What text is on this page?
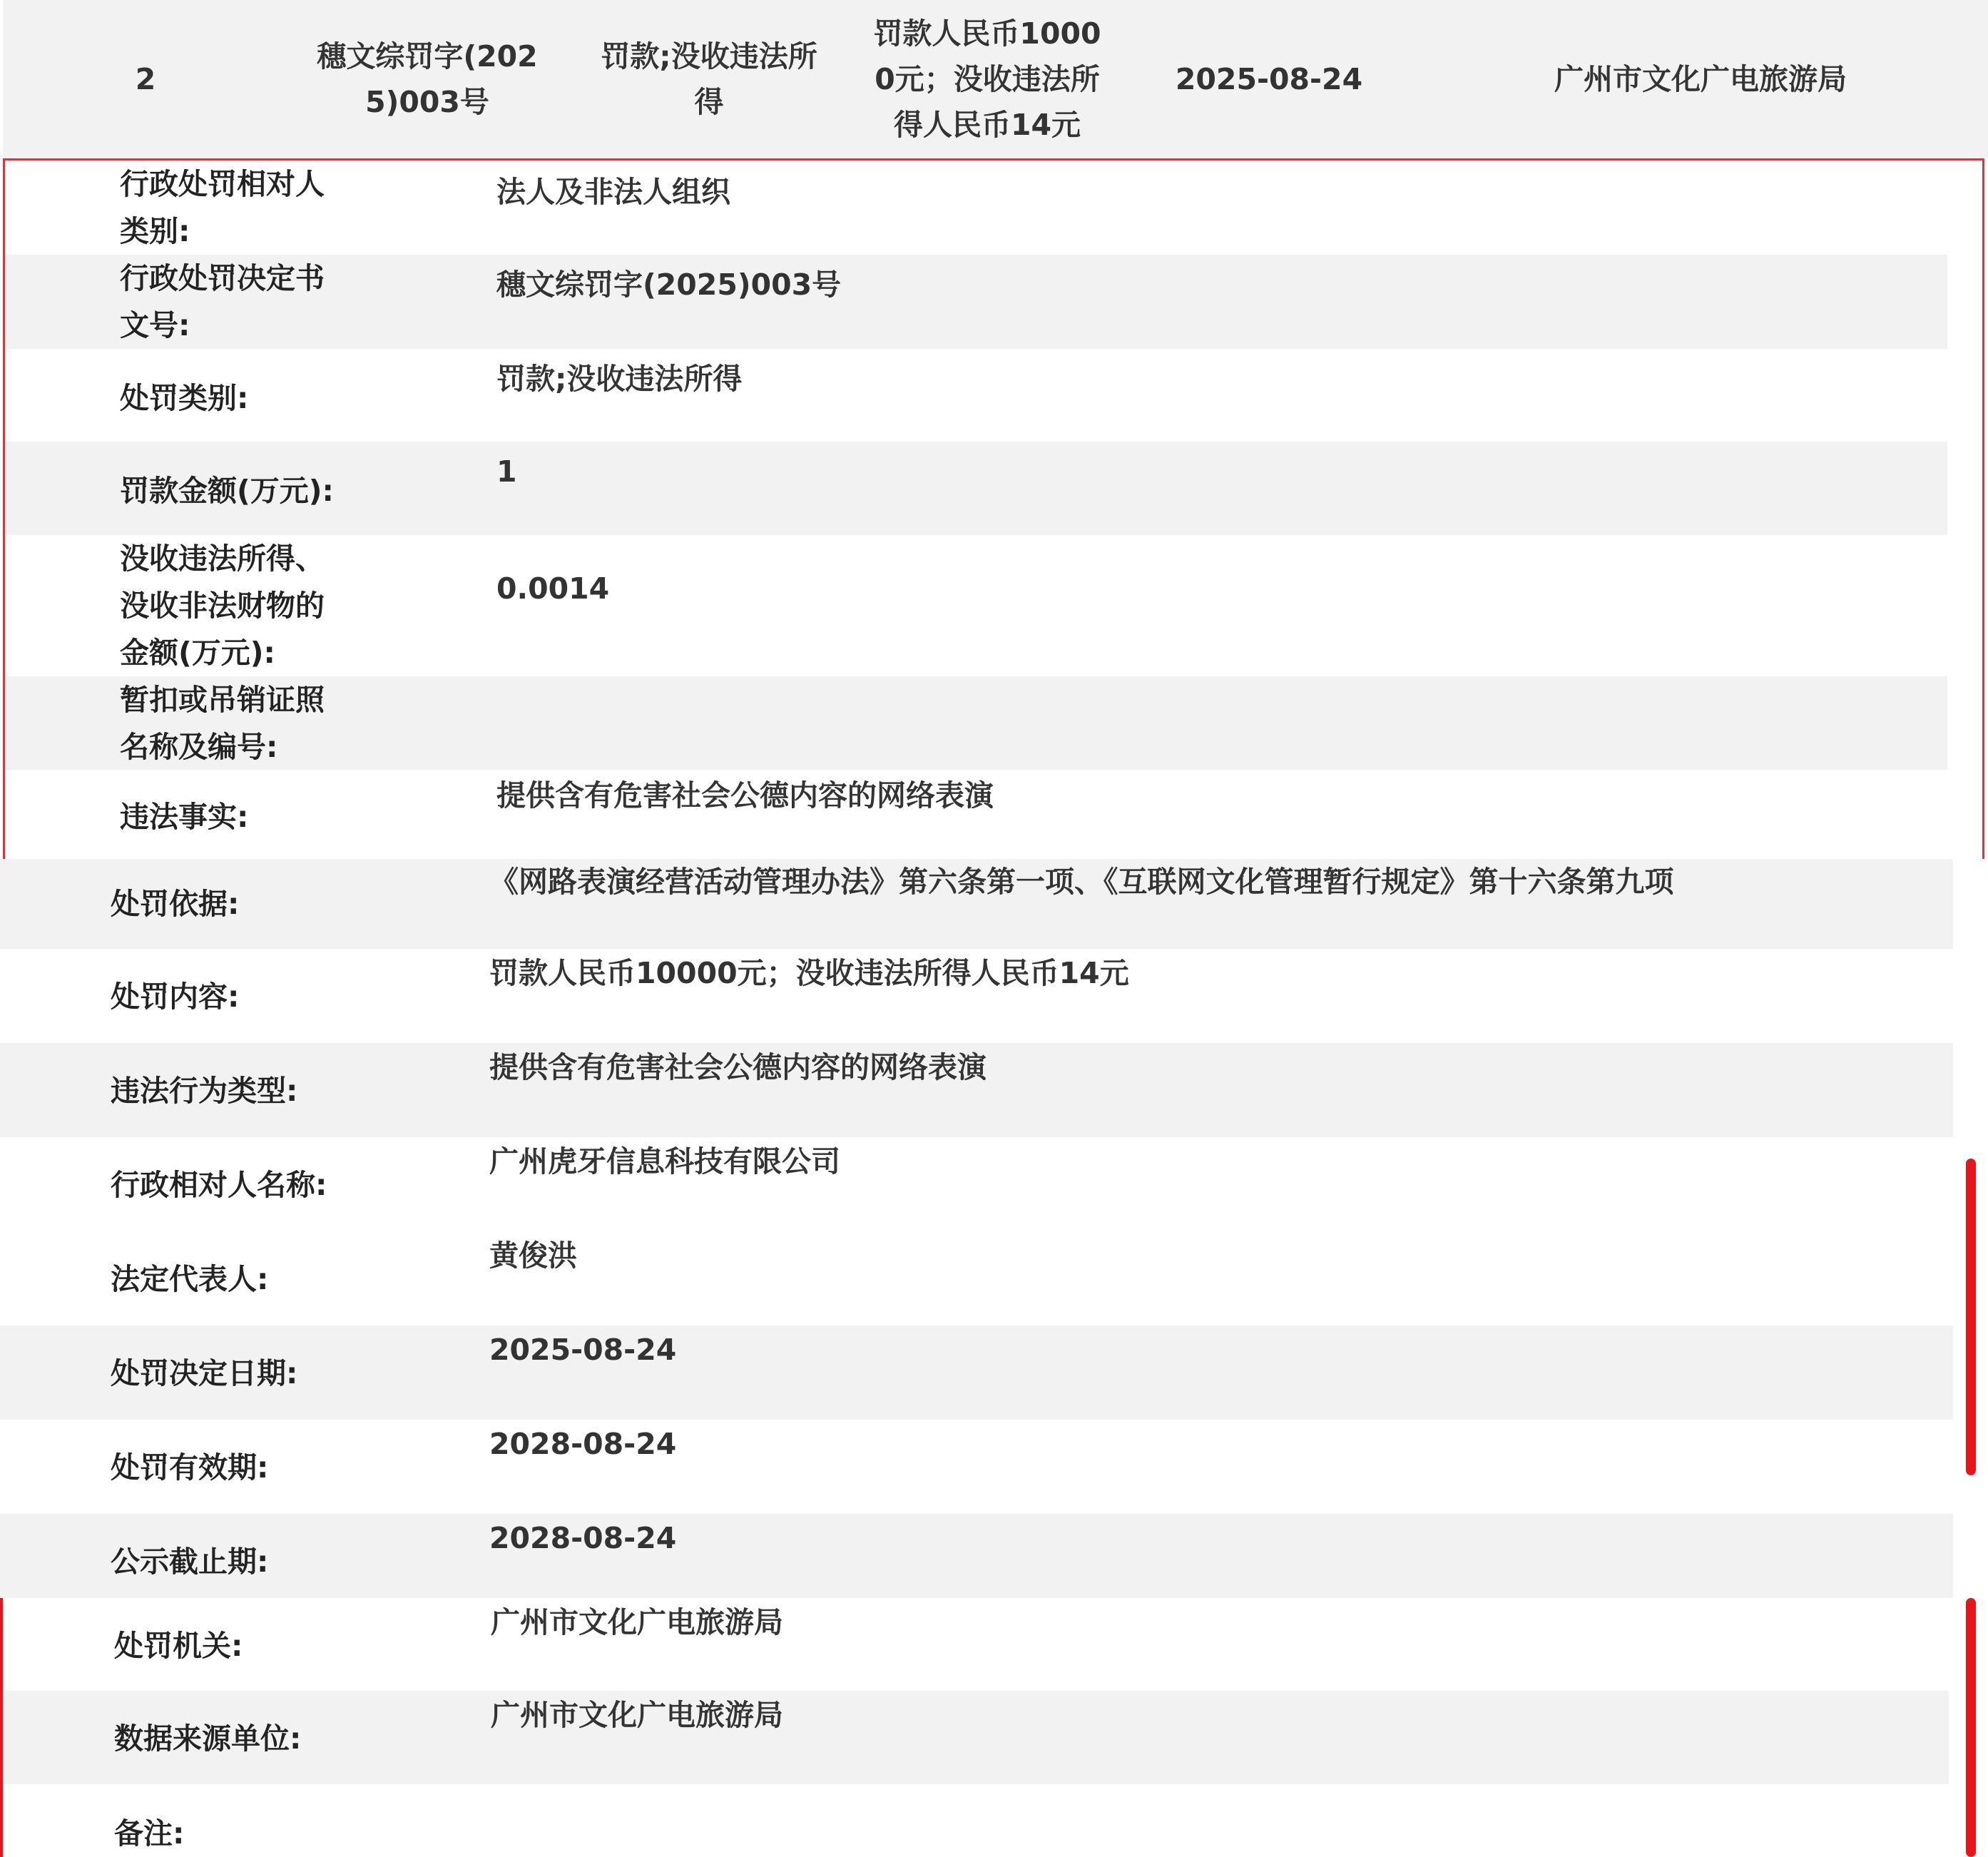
2
穗文综罚字(202
5)003号
罚款;没收违法所
得
罚款人民币1000
0元；没收违法所
得人民币14元
2025-08-24	广州市文化广电旅游局
行政处罚相对人
类别:
法人及非法人组织
行政处罚决定书
文号:
穗文综罚字(2025)003号
处罚类别:
罚款;没收违法所得
罚款金额(万元):
1
没收违法所得、
没收非法财物的
金额(万元):
0.0014
暂扣或吊销证照
名称及编号:
违法事实:
提供含有危害社会公德内容的网络表演
处罚依据:
《网路表演经营活动管理办法》第六条第一项、《互联网文化管理暂行规定》第十六条第九项
处罚内容:
罚款人民币10000元；没收违法所得人民币14元
违法行为类型:
提供含有危害社会公德内容的网络表演
行政相对人名称:
广州虎牙信息科技有限公司
法定代表人:
黄俊洪
处罚决定日期:
2025-08-24
处罚有效期:
2028-08-24
公示截止期:
2028-08-24
处罚机关:
广州市文化广电旅游局
数据来源单位:
广州市文化广电旅游局
备注:
